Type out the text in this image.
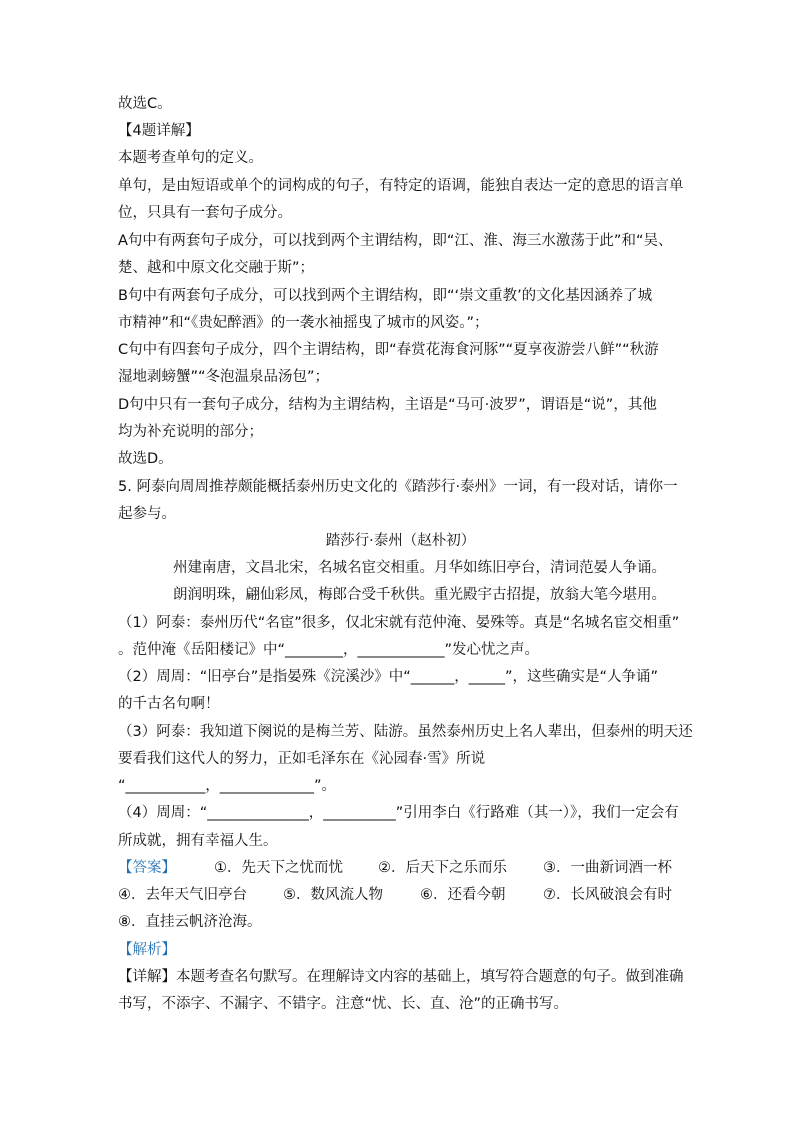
故选C。
【4题详解】
本题考查单句的定义。
单句，是由短语或单个的词构成的句子，有特定的语调，能独自表达一定的意思的语言单
位，只具有一套句子成分。
A句中有两套句子成分，可以找到两个主谓结构，即“江、淮、海三水激荡于此”和“吴、
楚、越和中原文化交融于斯”；
B句中有两套句子成分，可以找到两个主谓结构，即“‘崇文重教’的文化基因涵养了城
市精神”和“《贵妃醉酒》的一袭水袖摇曳了城市的风姿。”；
C句中有四套句子成分，四个主谓结构，即“春赏花海食河豚”“夏享夜游尝八鲜”“秋游
湿地剥螃蟹”“冬泡温泉品汤包”；
D句中只有一套句子成分，结构为主谓结构，主语是“马可·波罗”，谓语是“说”，其他
均为补充说明的部分；
故选D。
5. 阿泰向周周推荐颇能概括泰州历史文化的《踏莎行·泰州》一词，有一段对话，请你一
起参与。
踏莎行·泰州（赵朴初）
州建南唐，文昌北宋，名城名宦交相重。月华如练旧亭台，清词范晏人争诵。
朗润明珠，翩仙彩凤，梅郎合受千秋供。重光殿宇古招提，放翁大笔今堪用。
（1）阿泰：泰州历代“名宦”很多，仅北宋就有范仲淹、晏殊等。真是“名城名宦交相重”
。范仲淹《岳阳楼记》中“________，____________”发心忧之声。
（2）周周：“旧亭台”是指晏殊《浣溪沙》中“______，_____”，这些确实是“人争诵”
的千古名句啊！
（3）阿泰：我知道下阕说的是梅兰芳、陆游。虽然泰州历史上名人辈出，但泰州的明天还
要看我们这代人的努力，正如毛泽东在《沁园春·雪》所说
“___________，_____________”。
（4）周周：“______________，__________”引用李白《行路难（其一）》，我们一定会有
所成就，拥有幸福人生。
【答案】	①．先天下之忧而忧 ②．后天下之乐而乐 ③．一曲新词酒一杯
④．去年天气旧亭台 ⑤．数风流人物	⑥．还看今朝	⑦．长风破浪会有时
⑧．直挂云帆济沧海。
【解析】
【详解】本题考查名句默写。在理解诗文内容的基础上，填写符合题意的句子。做到准确
书写，不添字、不漏字、不错字。注意“忧、长、直、沧”的正确书写。
